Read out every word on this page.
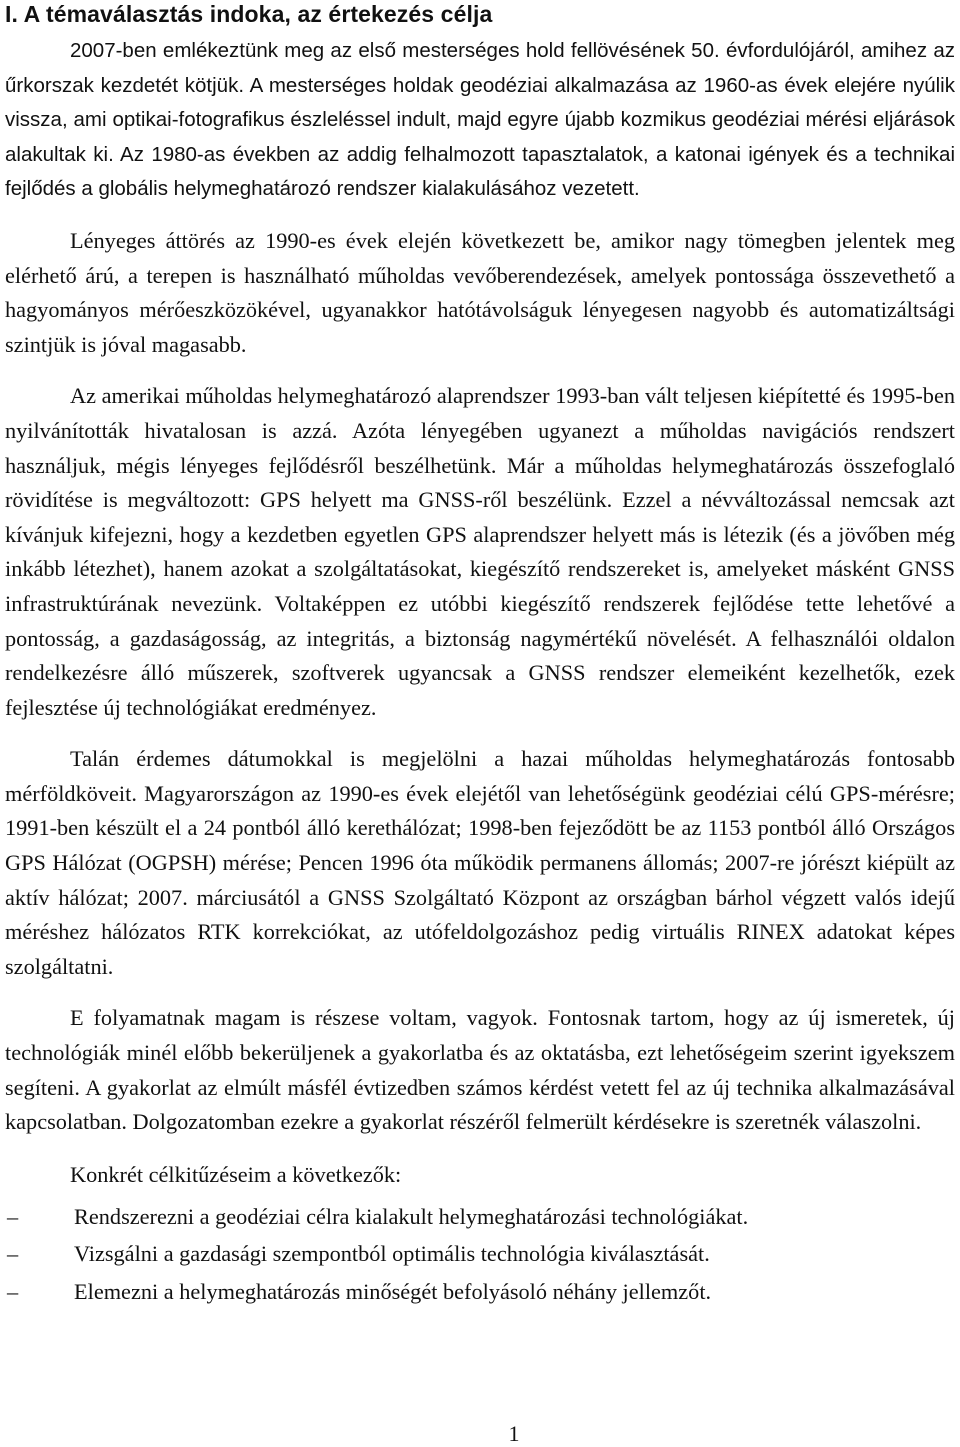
I. A témaválasztás indoka, az értekezés célja

2007-ben emlékeztünk meg az első mesterséges hold fellövésének 50. évfordulójáról, amihez az űrkorszak kezdetét kötjük. A mesterséges holdak geodéziai alkalmazása az 1960-as évek elejére nyúlik vissza, ami optikai-fotografikus észleléssel indult, majd egyre újabb kozmikus geodéziai mérési eljárások alakultak ki. Az 1980-as években az addig felhalmozott tapasztalatok, a katonai igények és a technikai fejlődés a globális helymeghatározó rendszer kialakulásához vezetett.

Lényeges áttörés az 1990-es évek elején következett be, amikor nagy tömegben jelentek meg elérhető árú, a terepen is használható műholdas vevőberendezések, amelyek pontossága összevethető a hagyományos mérőeszközökével, ugyanakkor hatótávolságuk lényegesen nagyobb és automatizáltsági szintjük is jóval magasabb.

Az amerikai műholdas helymeghatározó alaprendszer 1993-ban vált teljesen kiépítetté és 1995-ben nyilvánították hivatalosan is azzá. Azóta lényegében ugyanezt a műholdas navigációs rendszert használjuk, mégis lényeges fejlődésről beszélhetünk. Már a műholdas helymeghatározás összefoglaló rövidítése is megváltozott: GPS helyett ma GNSS-ről beszélünk. Ezzel a névváltozással nemcsak azt kívánjuk kifejezni, hogy a kezdetben egyetlen GPS alaprendszer helyett más is létezik (és a jövőben még inkább létezhet), hanem azokat a szolgáltatásokat, kiegészítő rendszereket is, amelyeket másként GNSS infrastruktúrának nevezünk. Voltaképpen ez utóbbi kiegészítő rendszerek fejlődése tette lehetővé a pontosság, a gazdaságosság, az integritás, a biztonság nagymértékű növelését. A felhasználói oldalon rendelkezésre álló műszerek, szoftverek ugyancsak a GNSS rendszer elemeiként kezelhetők, ezek fejlesztése új technológiákat eredményez.

Talán érdemes dátumokkal is megjelölni a hazai műholdas helymeghatározás fontosabb mérföldköveit. Magyarországon az 1990-es évek elejétől van lehetőségünk geodéziai célú GPS-mérésre; 1991-ben készült el a 24 pontból álló kerethálózat; 1998-ben fejeződött be az 1153 pontból álló Országos GPS Hálózat (OGPSH) mérése; Pencen 1996 óta működik permanens állomás; 2007-re jórészt kiépült az aktív hálózat; 2007. márciusától a GNSS Szolgáltató Központ az országban bárhol végzett valós idejű méréshez hálózatos RTK korrekciókat, az utófeldolgozáshoz pedig virtuális RINEX adatokat képes szolgáltatni.

E folyamatnak magam is részese voltam, vagyok. Fontosnak tartom, hogy az új ismeretek, új technológiák minél előbb bekerüljenek a gyakorlatba és az oktatásba, ezt lehetőségeim szerint igyekszem segíteni. A gyakorlat az elmúlt másfél évtizedben számos kérdést vetett fel az új technika alkalmazásával kapcsolatban. Dolgozatomban ezekre a gyakorlat részéről felmerült kérdésekre is szeretnék válaszolni.

Konkrét célkitűzéseim a következők:

–	Rendszerezni a geodéziai célra kialakult helymeghatározási technológiákat.
–	Vizsgálni a gazdasági szempontból optimális technológia kiválasztását.
–	Elemezni a helymeghatározás minőségét befolyásoló néhány jellemzőt.
1
